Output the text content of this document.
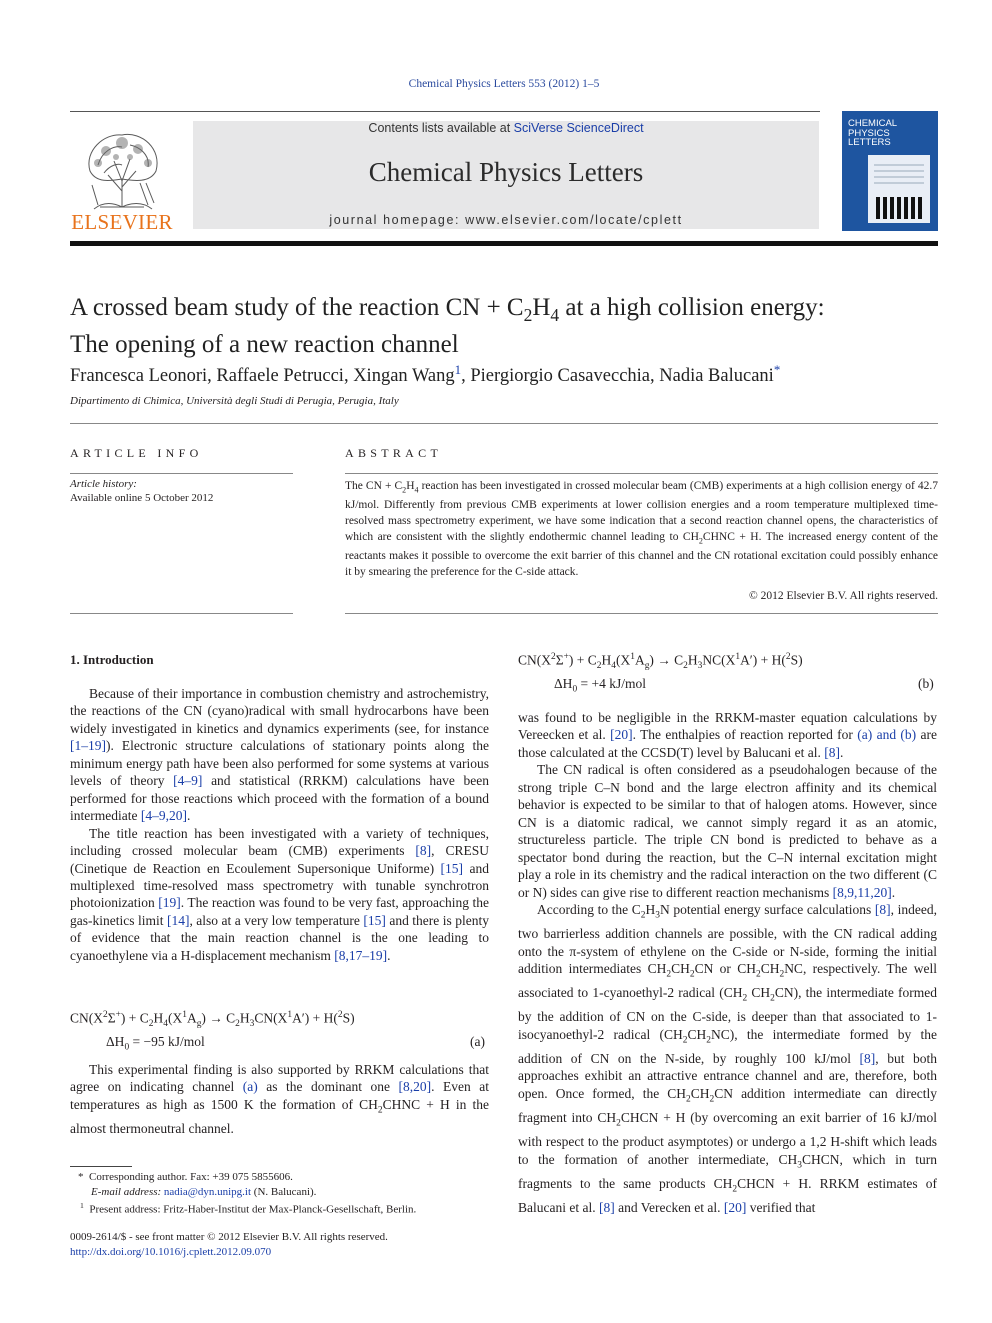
Chemical Physics Letters 553 (2012) 1–5
ELSEVIER
Contents lists available at SciVerse ScienceDirect
Chemical Physics Letters
journal homepage: www.elsevier.com/locate/cplett
CHEMICAL
PHYSICS
LETTERS
A crossed beam study of the reaction CN + $C_2H_4$ at a high collision energy:
The opening of a new reaction channel
Francesca Leonori, Raffaele Petrucci, Xingan Wang$^1$, Piergiorgio Casavecchia, Nadia Balucani*
Dipartimento di Chimica, Università degli Studi di Perugia, Perugia, Italy
ARTICLE INFO	ABSTRACT
Article history:
Available online 5 October 2012
The CN + $C_2H_4$ reaction has been investigated in crossed molecular beam (CMB) experiments at a high collision energy of 42.7 kJ/mol. Differently from previous CMB experiments at lower collision energies and a room temperature multiplexed time-resolved mass spectrometry experiment, we have some indication that a second reaction channel opens, the characteristics of which are consistent with the slightly endothermic channel leading to $CH_2CHNC + H$. The increased energy content of the reactants makes it possible to overcome the exit barrier of this channel and the CN rotational excitation could possibly enhance it by smearing the preference for the C-side attack.
© 2012 Elsevier B.V. All rights reserved.
1. Introduction

Because of their importance in combustion chemistry and astrochemistry, the reactions of the CN (cyano)radical with small hydrocarbons have been widely investigated in kinetics and dynamics experiments (see, for instance [1–19]). Electronic structure calculations of stationary points along the minimum energy path have been also performed for some systems at various levels of theory [4–9] and statistical (RRKM) calculations have been performed for those reactions which proceed with the formation of a bound intermediate [4–9,20].

The title reaction has been investigated with a variety of techniques, including crossed molecular beam (CMB) experiments [8], CRESU (Cinetique de Reaction en Ecoulement Supersonique Uniforme) [15] and multiplexed time-resolved mass spectrometry with tunable synchrotron photoionization [19]. The reaction was found to be very fast, approaching the gas-kinetics limit [14], also at a very low temperature [15] and there is plenty of evidence that the main reaction channel is the one leading to cyanoethylene via a H-displacement mechanism [8,17–19].

$CN(X^2\Sigma^+) + C_2H_4(X^1A_g) \to C_2H_3CN(X^1A') + H(^2S)$
$\Delta H_0 = -95$ kJ/mol	(a)

This experimental finding is also supported by RRKM calculations that agree on indicating channel (a) as the dominant one [8,20]. Even at temperatures as high as 1500 K the formation of $CH_2CHNC + H$ in the almost thermoneutral channel.

$CN(X^2\Sigma^+) + C_2H_4(X^1A_g) \to C_2H_3NC(X^1A') + H(^2S)$
$\Delta H_0 = +4$ kJ/mol	(b)

was found to be negligible in the RRKM-master equation calculations by Vereecken et al. [20]. The enthalpies of reaction reported for (a) and (b) are those calculated at the CCSD(T) level by Balucani et al. [8].

The CN radical is often considered as a pseudohalogen because of the strong triple C–N bond and the large electron affinity and its chemical behavior is expected to be similar to that of halogen atoms. However, since CN is a diatomic radical, we cannot simply regard it as an atomic, structureless particle. The triple CN bond is predicted to behave as a spectator bond during the reaction, but the C–N internal excitation might play a role in its chemistry and the radical interaction on the two different (C or N) sides can give rise to different reaction mechanisms [8,9,11,20].

According to the $C_2H_3N$ potential energy surface calculations [8], indeed, two barrierless addition channels are possible, with the CN radical adding onto the π-system of ethylene on the C-side or N-side, forming the initial addition intermediates $CH_2CH_2CN$ or $CH_2CH_2NC$, respectively. The well associated to 1-cyanoethyl-2 radical ($CH_2$ $CH_2CN$), the intermediate formed by the addition of CN on the C-side, is deeper than that associated to 1-isocyanoethyl-2 radical $(CH_2CH_2NC)$, the intermediate formed by the addition of CN on the N-side, by roughly 100 kJ/mol [8], but both approaches exhibit an attractive entrance channel and are, therefore, both open. Once formed, the $CH_2CH_2CN$ addition intermediate can directly fragment into $CH_2CHCN + H$ (by overcoming an exit barrier of 16 kJ/mol with respect to the product asymptotes) or undergo a 1,2 H-shift which leads to the formation of another intermediate, $CH_3CHCN$, which in turn fragments to the same products $CH_2CHCN + H$. RRKM estimates of Balucani et al. [8] and Verecken et al. [20] verified that

* Corresponding author. Fax: +39 075 5855606.
E-mail address: nadia@dyn.unipg.it (N. Balucani).
$^1$ Present address: Fritz-Haber-Institut der Max-Planck-Gesellschaft, Berlin.
0009-2614/$ - see front matter © 2012 Elsevier B.V. All rights reserved.
http://dx.doi.org/10.1016/j.cplett.2012.09.070
